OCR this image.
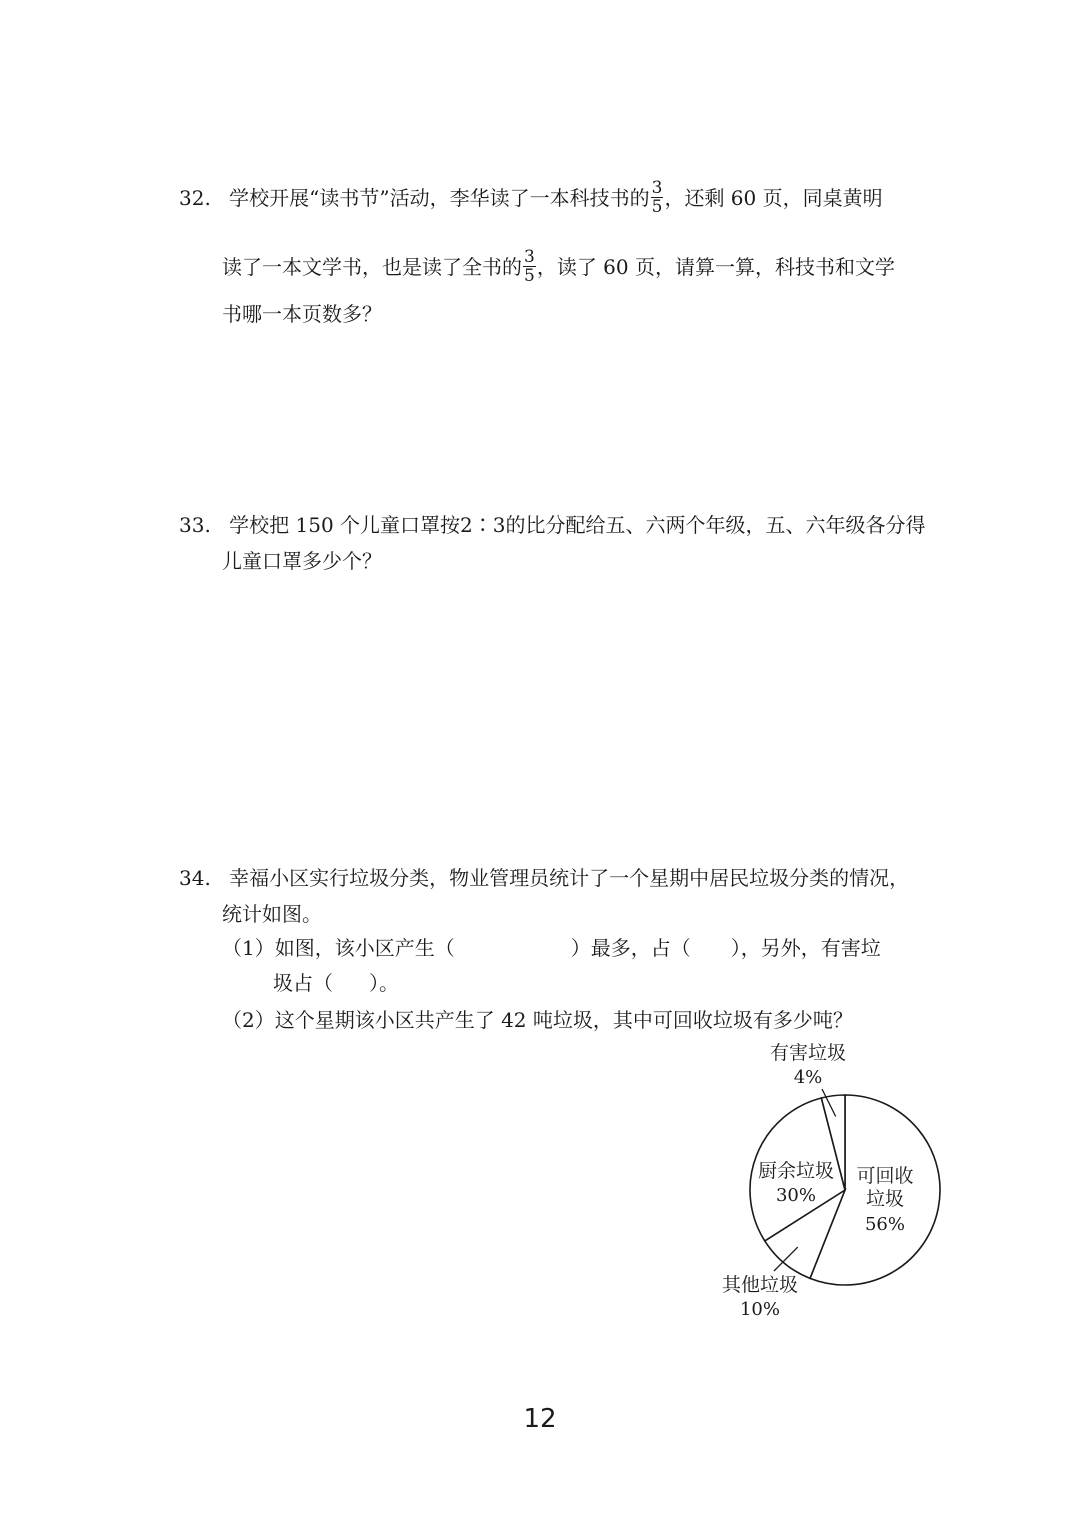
32. 学校开展“读书节”活动，李华读了一本科技书的 $\frac{3}{5}$ ，还剩 60 页，同桌黄明
读了一本文学书，也是读了全书的 $\frac{3}{5}$ ，读了 60 页，请算一算，科技书和文学
书哪一本页数多？
33. 学校把 150 个儿童口罩按2∶3的比分配给五、六两个年级，五、六年级各分得
儿童口罩多少个？
34. 幸福小区实行垃圾分类，物业管理员统计了一个星期中居民垃圾分类的情况，
统计如图。
（1）如图，该小区产生（	）最多，占（ ），另外，有害垃
圾占（ ）。
（2）这个星期该小区共产生了 42 吨垃圾，其中可回收垃圾有多少吨？
可回收
垃圾
56%
其他垃圾
10%
厨余垃圾
30%
有害垃圾
4%
12
